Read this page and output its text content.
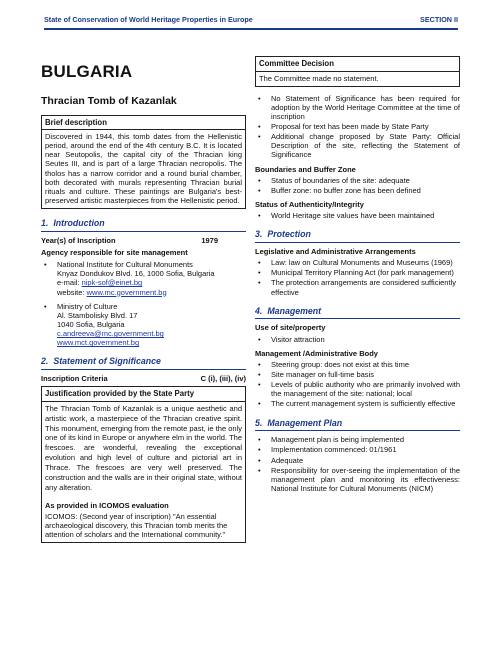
State of Conservation of World Heritage Properties in Europe	SECTION II
BULGARIA
Thracian Tomb of Kazanlak
Brief description
Discovered in 1944, this tomb dates from the Hellenistic period, around the end of the 4th century B.C. It is located near Seutopolis, the capital city of the Thracian king Seutes III, and is part of a large Thracian necropolis. The tholos has a narrow corridor and a round burial chamber, both decorated with murals representing Thracian burial rituals and culture. These paintings are Bulgaria's best-preserved artistic masterpieces from the Hellenistic period.
1. Introduction
Year(s) of Inscription	1979
Agency responsible for site management
• National Institute for Cultural Monuments
Knyaz Dondukov Blvd. 16, 1000 Sofia, Bulgaria
e-mail: nipk-sof@einet.bg
website: www.mc.government.bg
• Ministry of Culture
Al. Stambolisky Blvd. 17
1040 Sofia, Bulgaria
c.andreeva@mc.government.bg
www.mct.government.bg
2. Statement of Significance
Inscription Criteria	C (i), (iii), (iv)
Justification provided by the State Party
The Thracian Tomb of Kazanlak is a unique aesthetic and artistic work, a masterpiece of the Thracian creative spirit. This monument, emerging from the remote past, ie the only one of its kind in Europe or anywhere elm in the world. The frescoes. are wonderful, revealing the exceptional evolution and high level of culture and pictorial art in Thrace. The frescoes are very well preserved. The construction and the walls are in their original state, without any alteration.
As provided in ICOMOS evaluation
ICOMOS: (Second year of inscription) "An essential archaeological discovery, this Thracian tomb merits the attention of scholars and the International community."
Committee Decision
The Committee made no statement.
• No Statement of Significance has been required for adoption by the World Heritage Committee at the time of inscription
• Proposal for text has been made by State Party
• Additional change proposed by State Party: Official Description of the site, reflecting the Statement of Significance
Boundaries and Buffer Zone
• Status of boundaries of the site: adequate
• Buffer zone: no buffer zone has been defined
Status of Authenticity/Integrity
• World Heritage site values have been maintained
3. Protection
Legislative and Administrative Arrangements
• Law: law on Cultural Monuments and Museums (1969)
• Municipal Territory Planning Act (for park management)
• The protection arrangements are considered sufficiently effective
4. Management
Use of site/property
• Visitor attraction
Management /Administrative Body
• Steering group: does not exist at this time
• Site manager on full-time basis
• Levels of public authority who are primarily involved with the management of the site: national; local
• The current management system is sufficiently effective
5. Management Plan
• Management plan is being implemented
• Implementation commenced: 01/1961
• Adequate
• Responsibility for over-seeing the implementation of the management plan and monitoring its effectiveness: National Institute for Cultural Monuments (NICM)
